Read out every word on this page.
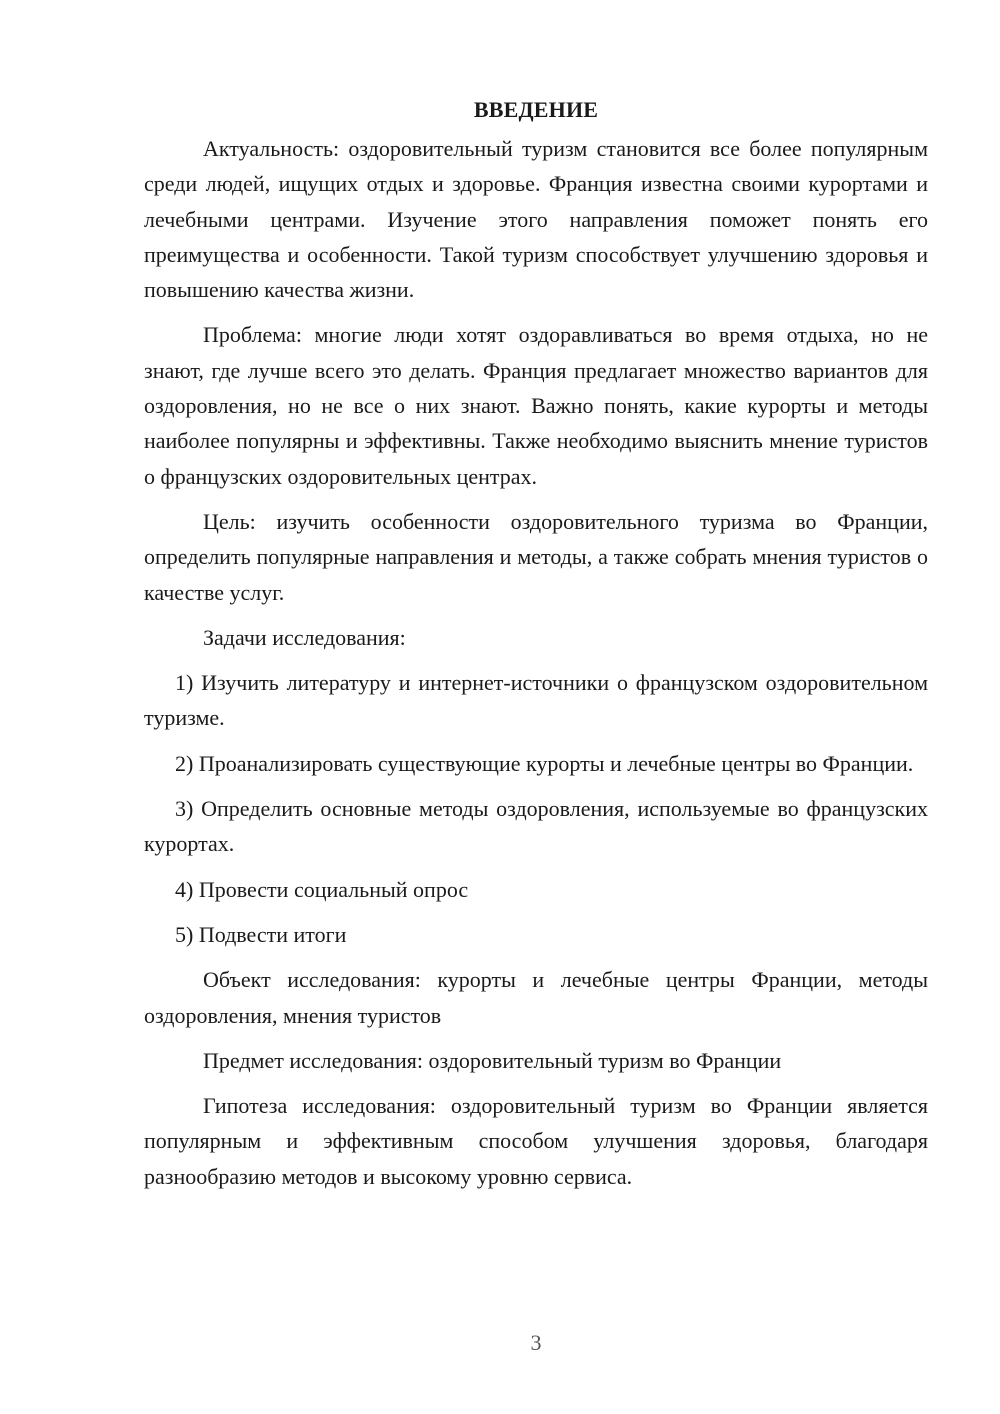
ВВЕДЕНИЕ

Актуальность: оздоровительный туризм становится все более популярным среди людей, ищущих отдых и здоровье. Франция известна своими курортами и лечебными центрами. Изучение этого направления поможет понять его преимущества и особенности. Такой туризм способствует улучшению здоровья и повышению качества жизни.

Проблема: многие люди хотят оздоравливаться во время отдыха, но не знают, где лучше всего это делать. Франция предлагает множество вариантов для оздоровления, но не все о них знают. Важно понять, какие курорты и методы наиболее популярны и эффективны. Также необходимо выяснить мнение туристов о французских оздоровительных центрах.

Цель: изучить особенности оздоровительного туризма во Франции, определить популярные направления и методы, а также собрать мнения туристов о качестве услуг.

Задачи исследования:

1) Изучить литературу и интернет-источники о французском оздоровительном туризме.

2) Проанализировать существующие курорты и лечебные центры во Франции.

3) Определить основные методы оздоровления, используемые во французских курортах.

4) Провести социальный опрос

5) Подвести итоги

Объект исследования: курорты и лечебные центры Франции, методы оздоровления, мнения туристов

Предмет исследования: оздоровительный туризм во Франции

Гипотеза исследования: оздоровительный туризм во Франции является популярным и эффективным способом улучшения здоровья, благодаря разнообразию методов и высокому уровню сервиса.

3
